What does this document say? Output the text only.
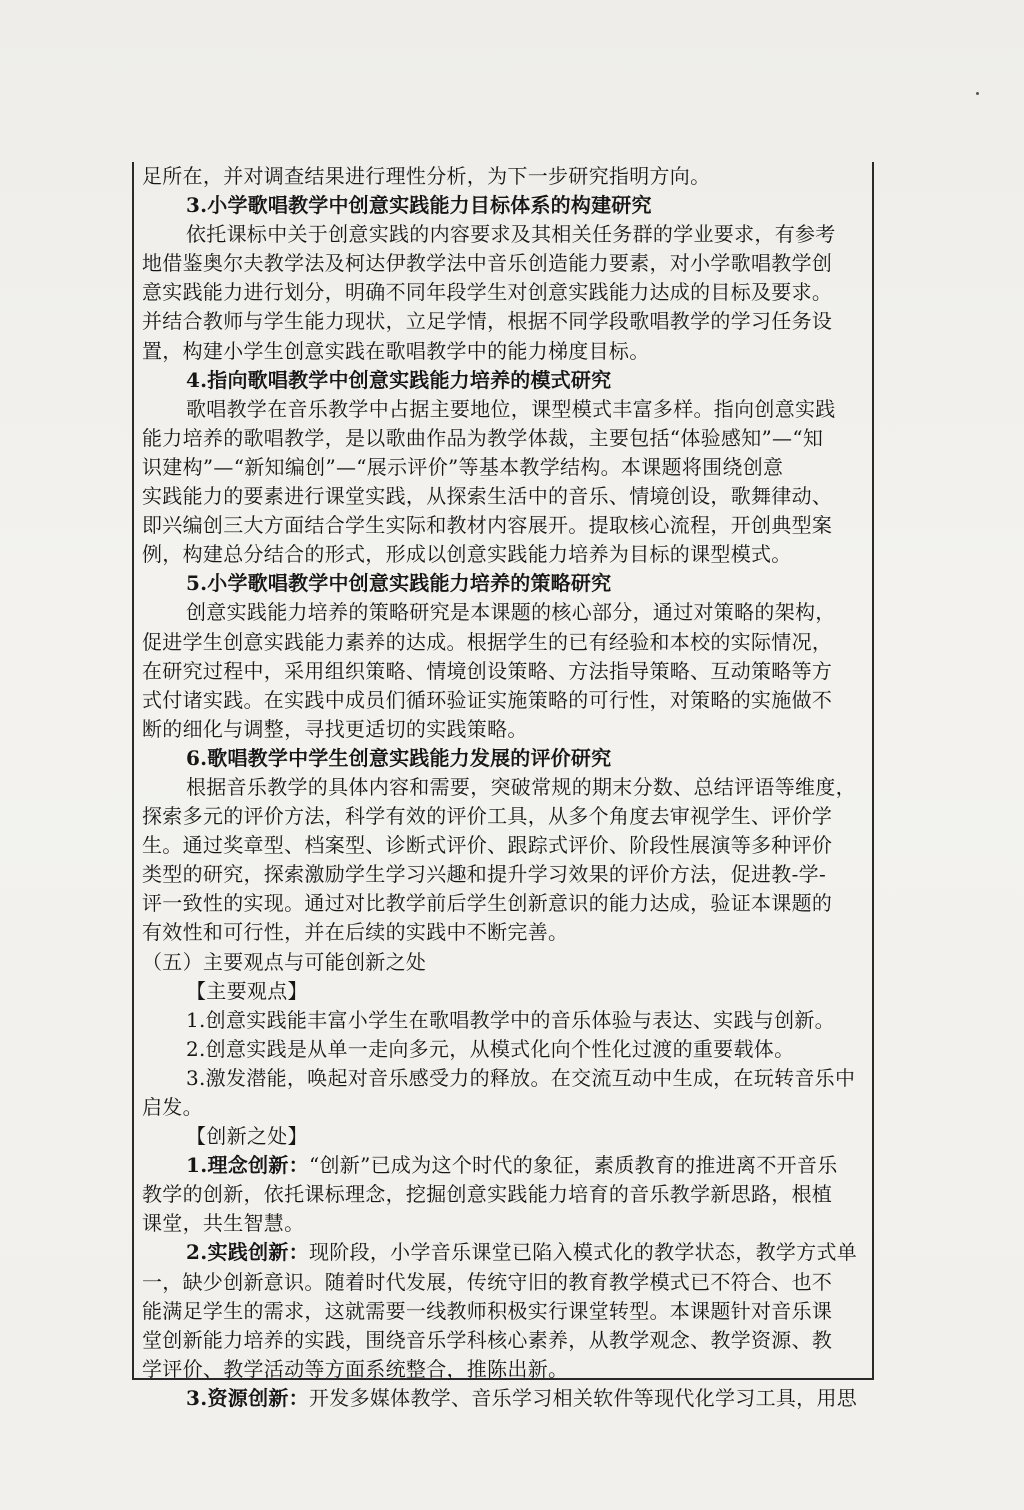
足所在，并对调查结果进行理性分析，为下一步研究指明方向。
3.小学歌唱教学中创意实践能力目标体系的构建研究
依托课标中关于创意实践的内容要求及其相关任务群的学业要求，有参考
地借鉴奥尔夫教学法及柯达伊教学法中音乐创造能力要素，对小学歌唱教学创
意实践能力进行划分，明确不同年段学生对创意实践能力达成的目标及要求。
并结合教师与学生能力现状，立足学情，根据不同学段歌唱教学的学习任务设
置，构建小学生创意实践在歌唱教学中的能力梯度目标。
4.指向歌唱教学中创意实践能力培养的模式研究
歌唱教学在音乐教学中占据主要地位，课型模式丰富多样。指向创意实践
能力培养的歌唱教学，是以歌曲作品为教学体裁，主要包括“体验感知”—“知
识建构”—“新知编创”—“展示评价”等基本教学结构。本课题将围绕创意
实践能力的要素进行课堂实践，从探索生活中的音乐、情境创设，歌舞律动、
即兴编创三大方面结合学生实际和教材内容展开。提取核心流程，开创典型案
例，构建总分结合的形式，形成以创意实践能力培养为目标的课型模式。
5.小学歌唱教学中创意实践能力培养的策略研究
创意实践能力培养的策略研究是本课题的核心部分，通过对策略的架构，
促进学生创意实践能力素养的达成。根据学生的已有经验和本校的实际情况，
在研究过程中，采用组织策略、情境创设策略、方法指导策略、互动策略等方
式付诸实践。在实践中成员们循环验证实施策略的可行性，对策略的实施做不
断的细化与调整，寻找更适切的实践策略。
6.歌唱教学中学生创意实践能力发展的评价研究
根据音乐教学的具体内容和需要，突破常规的期末分数、总结评语等维度，
探索多元的评价方法，科学有效的评价工具，从多个角度去审视学生、评价学
生。通过奖章型、档案型、诊断式评价、跟踪式评价、阶段性展演等多种评价
类型的研究，探索激励学生学习兴趣和提升学习效果的评价方法，促进教-学-
评一致性的实现。通过对比教学前后学生创新意识的能力达成，验证本课题的
有效性和可行性，并在后续的实践中不断完善。
（五）主要观点与可能创新之处
【主要观点】
1.创意实践能丰富小学生在歌唱教学中的音乐体验与表达、实践与创新。
2.创意实践是从单一走向多元，从模式化向个性化过渡的重要载体。
3.激发潜能，唤起对音乐感受力的释放。在交流互动中生成，在玩转音乐中
启发。
【创新之处】
1.理念创新：“创新”已成为这个时代的象征，素质教育的推进离不开音乐
教学的创新，依托课标理念，挖掘创意实践能力培育的音乐教学新思路，根植
课堂，共生智慧。
2.实践创新：现阶段，小学音乐课堂已陷入模式化的教学状态，教学方式单
一，缺少创新意识。随着时代发展，传统守旧的教育教学模式已不符合、也不
能满足学生的需求，这就需要一线教师积极实行课堂转型。本课题针对音乐课
堂创新能力培养的实践，围绕音乐学科核心素养，从教学观念、教学资源、教
学评价、教学活动等方面系统整合，推陈出新。
3.资源创新：开发多媒体教学、音乐学习相关软件等现代化学习工具，用思
